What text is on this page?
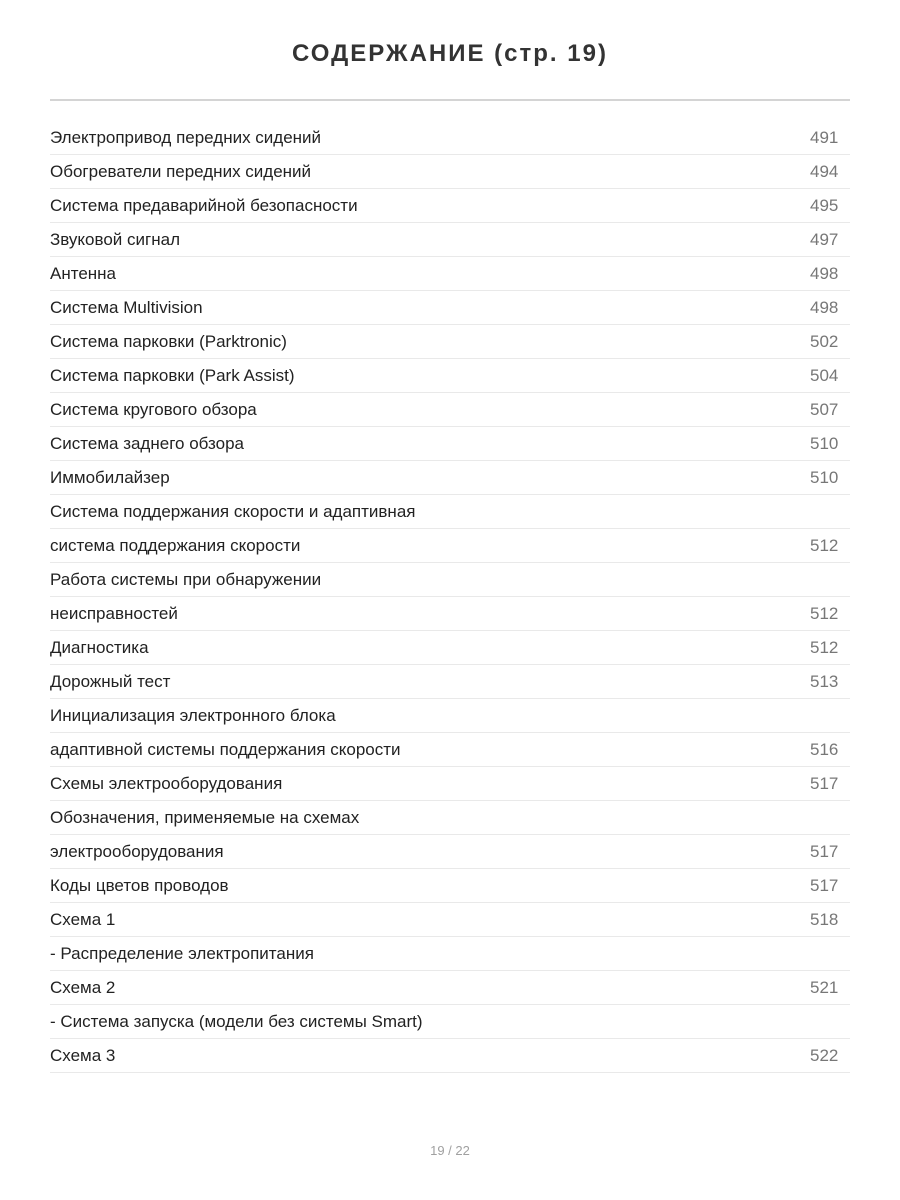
СОДЕРЖАНИЕ (стр. 19)
Электропривод передних сидений	491
Обогреватели передних сидений	494
Система предаварийной безопасности	495
Звуковой сигнал	497
Антенна	498
Система Multivision	498
Система парковки (Parktronic)	502
Система парковки (Park Assist)	504
Система кругового обзора	507
Система заднего обзора	510
Иммобилайзер	510
Система поддержания скорости и адаптивная
система поддержания скорости	512
Работа системы при обнаружении
неисправностей	512
Диагностика	512
Дорожный тест	513
Инициализация электронного блока
адаптивной системы поддержания скорости	516
Схемы электрооборудования	517
Обозначения, применяемые на схемах
электрооборудования	517
Коды цветов проводов	517
Схема 1	518
- Распределение электропитания
Схема 2	521
- Система запуска (модели без системы Smart)
Схема 3	522
19 / 22
